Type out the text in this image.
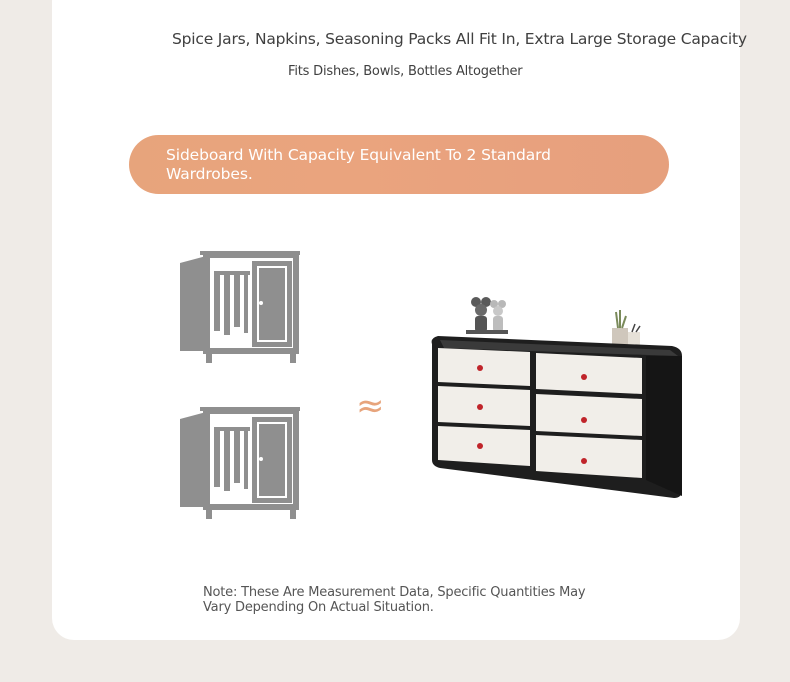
Spice Jars, Napkins, Seasoning Packs All Fit In, Extra Large Storage Capacity
Fits Dishes, Bowls, Bottles Altogether
Sideboard With Capacity Equivalent To 2 Standard Wardrobes.
≈
Note: These Are Measurement Data, Specific Quantities May Vary Depending On Actual Situation.
